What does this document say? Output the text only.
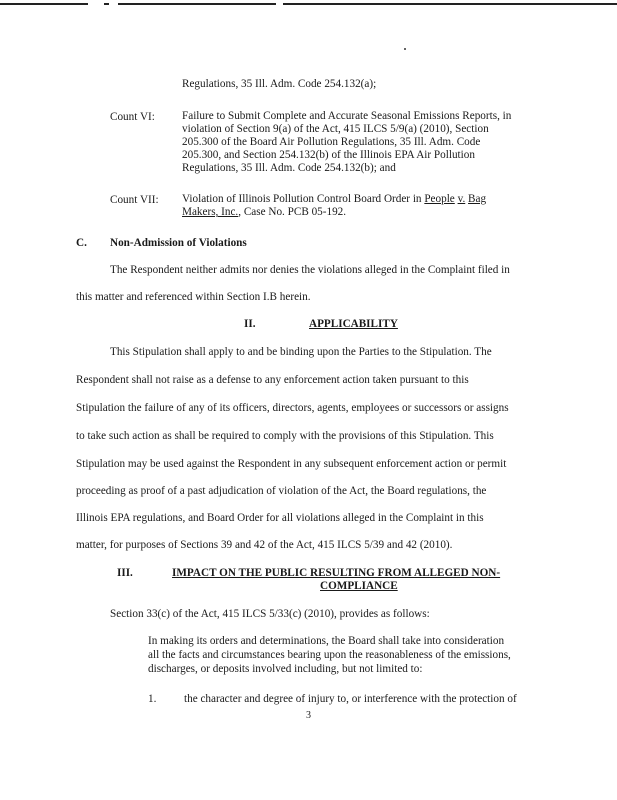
Regulations, 35 Ill. Adm. Code 254.132(a);
Count VI: Failure to Submit Complete and Accurate Seasonal Emissions Reports, in
violation of Section 9(a) of the Act, 415 ILCS 5/9(a) (2010), Section
205.300 of the Board Air Pollution Regulations, 35 Ill. Adm. Code
205.300, and Section 254.132(b) of the Illinois EPA Air Pollution
Regulations, 35 Ill. Adm. Code 254.132(b); and
Count VII: Violation of Illinois Pollution Control Board Order in People v. Bag
Makers, Inc., Case No. PCB 05-192.
C. Non-Admission of Violations
The Respondent neither admits nor denies the violations alleged in the Complaint filed in
this matter and referenced within Section I.B herein.
II.	APPLICABILITY
This Stipulation shall apply to and be binding upon the Parties to the Stipulation. The
Respondent shall not raise as a defense to any enforcement action taken pursuant to this
Stipulation the failure of any of its officers, directors, agents, employees or successors or assigns
to take such action as shall be required to comply with the provisions of this Stipulation. This
Stipulation may be used against the Respondent in any subsequent enforcement action or permit
proceeding as proof of a past adjudication of violation of the Act, the Board regulations, the
Illinois EPA regulations, and Board Order for all violations alleged in the Complaint in this
matter, for purposes of Sections 39 and 42 of the Act, 415 ILCS 5/39 and 42 (2010).
III.	IMPACT ON THE PUBLIC RESULTING FROM ALLEGED NON-
COMPLIANCE
Section 33(c) of the Act, 415 ILCS 5/33(c) (2010), provides as follows:
In making its orders and determinations, the Board shall take into consideration
all the facts and circumstances bearing upon the reasonableness of the emissions,
discharges, or deposits involved including, but not limited to:
1. the character and degree of injury to, or interference with the protection of
3
